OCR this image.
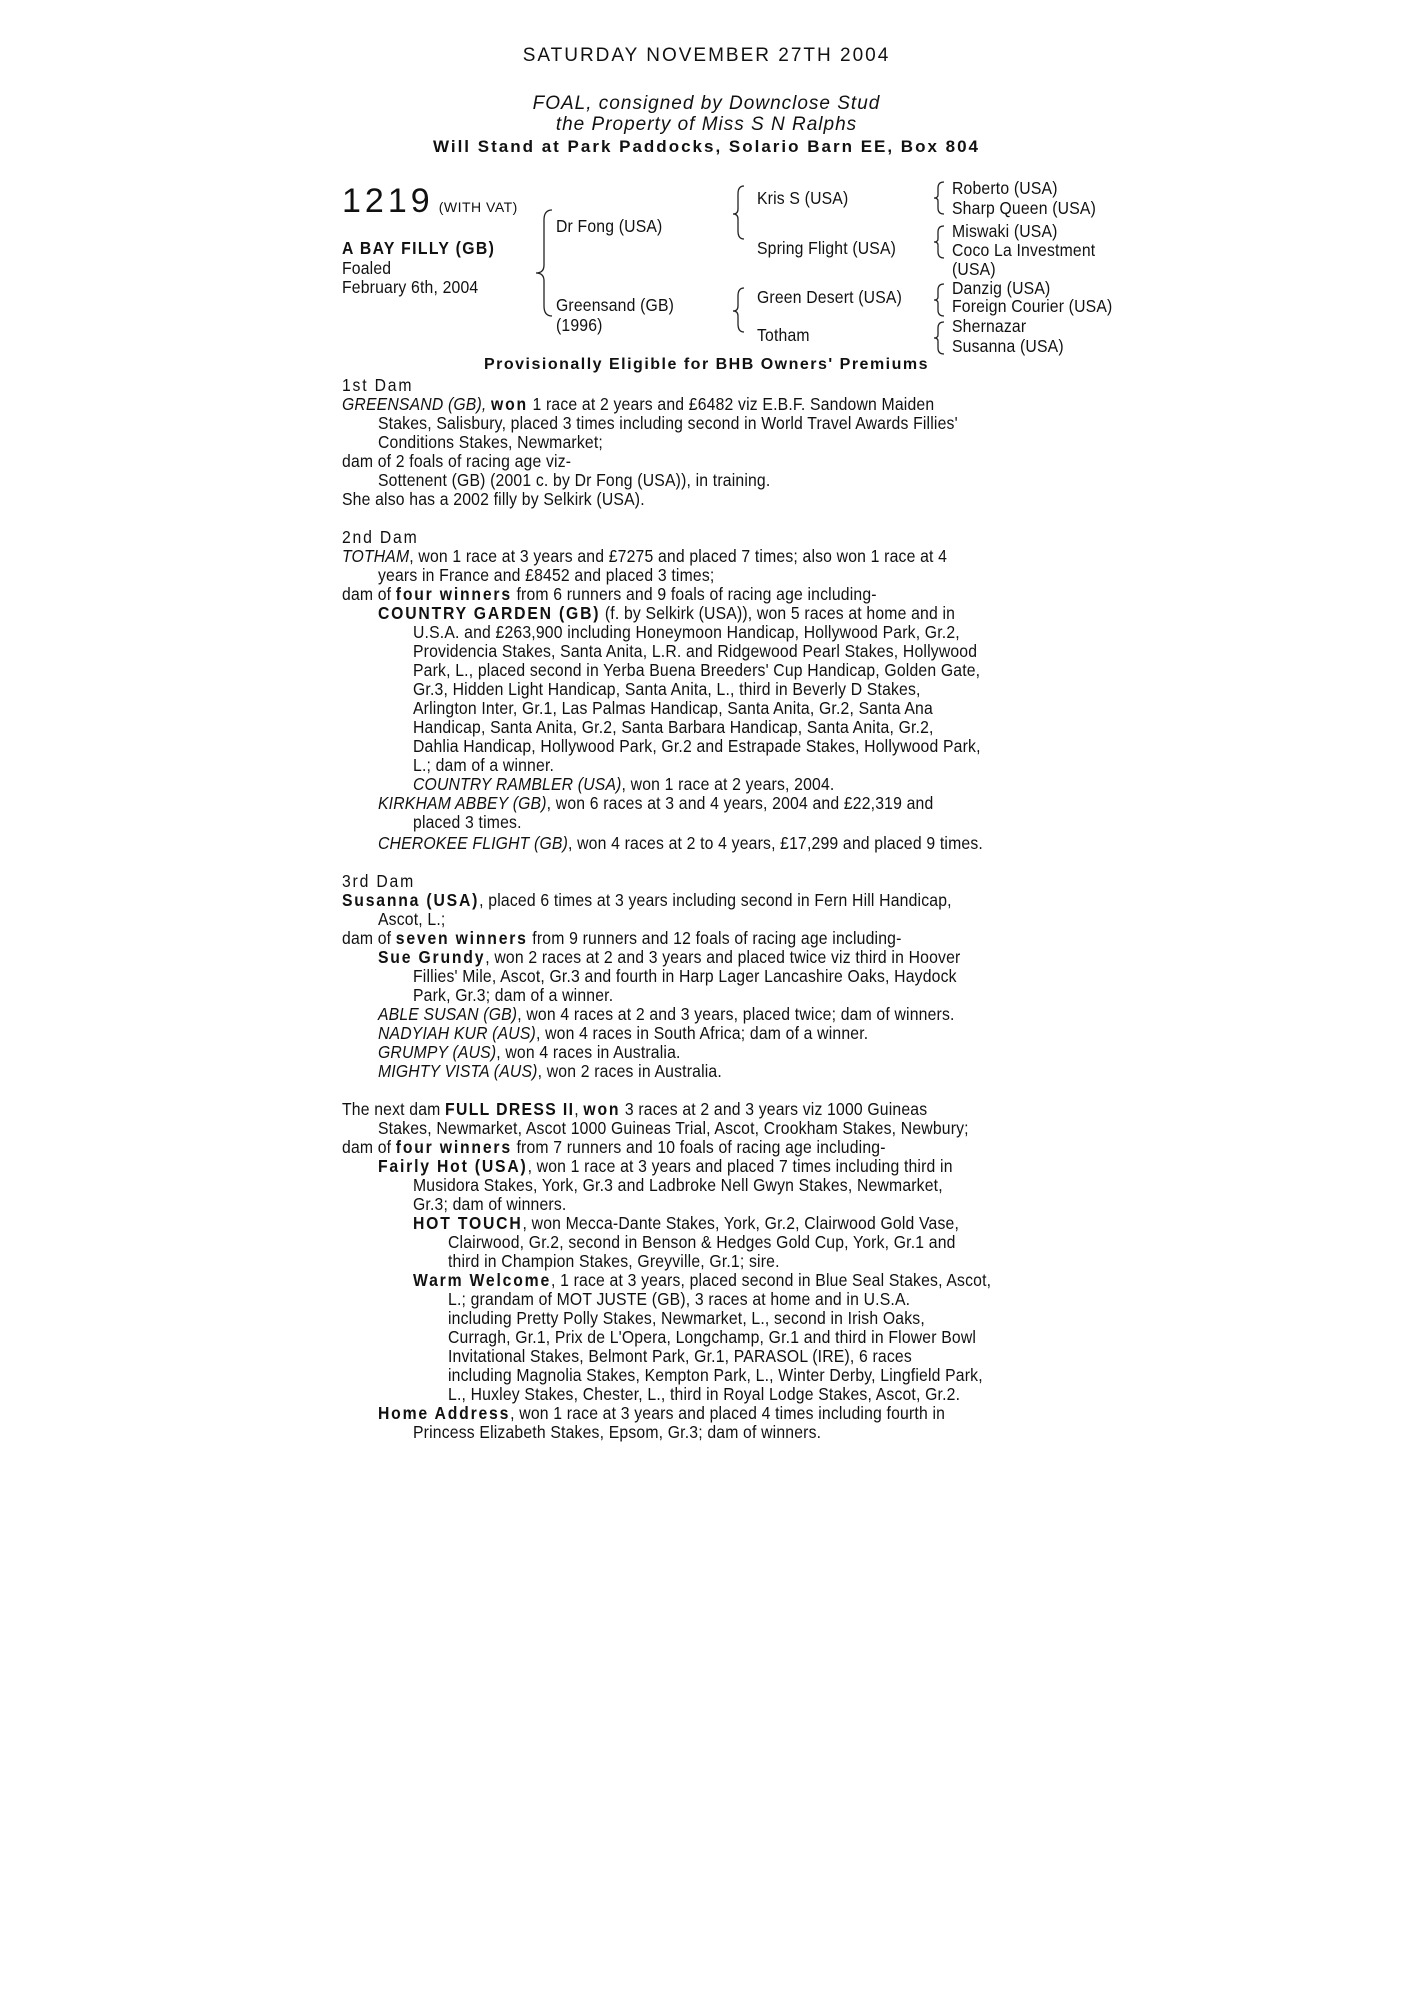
SATURDAY NOVEMBER 27TH 2004
FOAL, consigned by Downclose Stud
the Property of Miss S N Ralphs
Will Stand at Park Paddocks, Solario Barn EE, Box 804
1219 (WITH VAT)
A BAY FILLY (GB)
Foaled
February 6th, 2004
Dr Fong (USA)
Greensand (GB)
(1996)
Kris S (USA)
Spring Flight (USA)
Green Desert (USA)
Totham
Roberto (USA)
Sharp Queen (USA)
Miswaki (USA)
Coco La Investment
(USA)
Danzig (USA)
Foreign Courier (USA)
Shernazar
Susanna (USA)
Provisionally Eligible for BHB Owners' Premiums
1st Dam
GREENSAND (GB), won 1 race at 2 years and £6482 viz E.B.F. Sandown Maiden
Stakes, Salisbury, placed 3 times including second in World Travel Awards Fillies'
Conditions Stakes, Newmarket;
dam of 2 foals of racing age viz-
Sottenent (GB) (2001 c. by Dr Fong (USA)), in training.
She also has a 2002 filly by Selkirk (USA).
2nd Dam
TOTHAM, won 1 race at 3 years and £7275 and placed 7 times; also won 1 race at 4
years in France and £8452 and placed 3 times;
dam of four winners from 6 runners and 9 foals of racing age including-
COUNTRY GARDEN (GB) (f. by Selkirk (USA)), won 5 races at home and in
U.S.A. and £263,900 including Honeymoon Handicap, Hollywood Park, Gr.2,
Providencia Stakes, Santa Anita, L.R. and Ridgewood Pearl Stakes, Hollywood
Park, L., placed second in Yerba Buena Breeders' Cup Handicap, Golden Gate,
Gr.3, Hidden Light Handicap, Santa Anita, L., third in Beverly D Stakes,
Arlington Inter, Gr.1, Las Palmas Handicap, Santa Anita, Gr.2, Santa Ana
Handicap, Santa Anita, Gr.2, Santa Barbara Handicap, Santa Anita, Gr.2,
Dahlia Handicap, Hollywood Park, Gr.2 and Estrapade Stakes, Hollywood Park,
L.; dam of a winner.
COUNTRY RAMBLER (USA), won 1 race at 2 years, 2004.
KIRKHAM ABBEY (GB), won 6 races at 3 and 4 years, 2004 and £22,319 and
placed 3 times.
CHEROKEE FLIGHT (GB), won 4 races at 2 to 4 years, £17,299 and placed 9 times.
3rd Dam
Susanna (USA), placed 6 times at 3 years including second in Fern Hill Handicap,
Ascot, L.;
dam of seven winners from 9 runners and 12 foals of racing age including-
Sue Grundy, won 2 races at 2 and 3 years and placed twice viz third in Hoover
Fillies' Mile, Ascot, Gr.3 and fourth in Harp Lager Lancashire Oaks, Haydock
Park, Gr.3; dam of a winner.
ABLE SUSAN (GB), won 4 races at 2 and 3 years, placed twice; dam of winners.
NADYIAH KUR (AUS), won 4 races in South Africa; dam of a winner.
GRUMPY (AUS), won 4 races in Australia.
MIGHTY VISTA (AUS), won 2 races in Australia.
The next dam FULL DRESS II, won 3 races at 2 and 3 years viz 1000 Guineas
Stakes, Newmarket, Ascot 1000 Guineas Trial, Ascot, Crookham Stakes, Newbury;
dam of four winners from 7 runners and 10 foals of racing age including-
Fairly Hot (USA), won 1 race at 3 years and placed 7 times including third in
Musidora Stakes, York, Gr.3 and Ladbroke Nell Gwyn Stakes, Newmarket,
Gr.3; dam of winners.
HOT TOUCH, won Mecca-Dante Stakes, York, Gr.2, Clairwood Gold Vase,
Clairwood, Gr.2, second in Benson & Hedges Gold Cup, York, Gr.1 and
third in Champion Stakes, Greyville, Gr.1; sire.
Warm Welcome, 1 race at 3 years, placed second in Blue Seal Stakes, Ascot,
L.; grandam of MOT JUSTE (GB), 3 races at home and in U.S.A.
including Pretty Polly Stakes, Newmarket, L., second in Irish Oaks,
Curragh, Gr.1, Prix de L'Opera, Longchamp, Gr.1 and third in Flower Bowl
Invitational Stakes, Belmont Park, Gr.1, PARASOL (IRE), 6 races
including Magnolia Stakes, Kempton Park, L., Winter Derby, Lingfield Park,
L., Huxley Stakes, Chester, L., third in Royal Lodge Stakes, Ascot, Gr.2.
Home Address, won 1 race at 3 years and placed 4 times including fourth in
Princess Elizabeth Stakes, Epsom, Gr.3; dam of winners.
